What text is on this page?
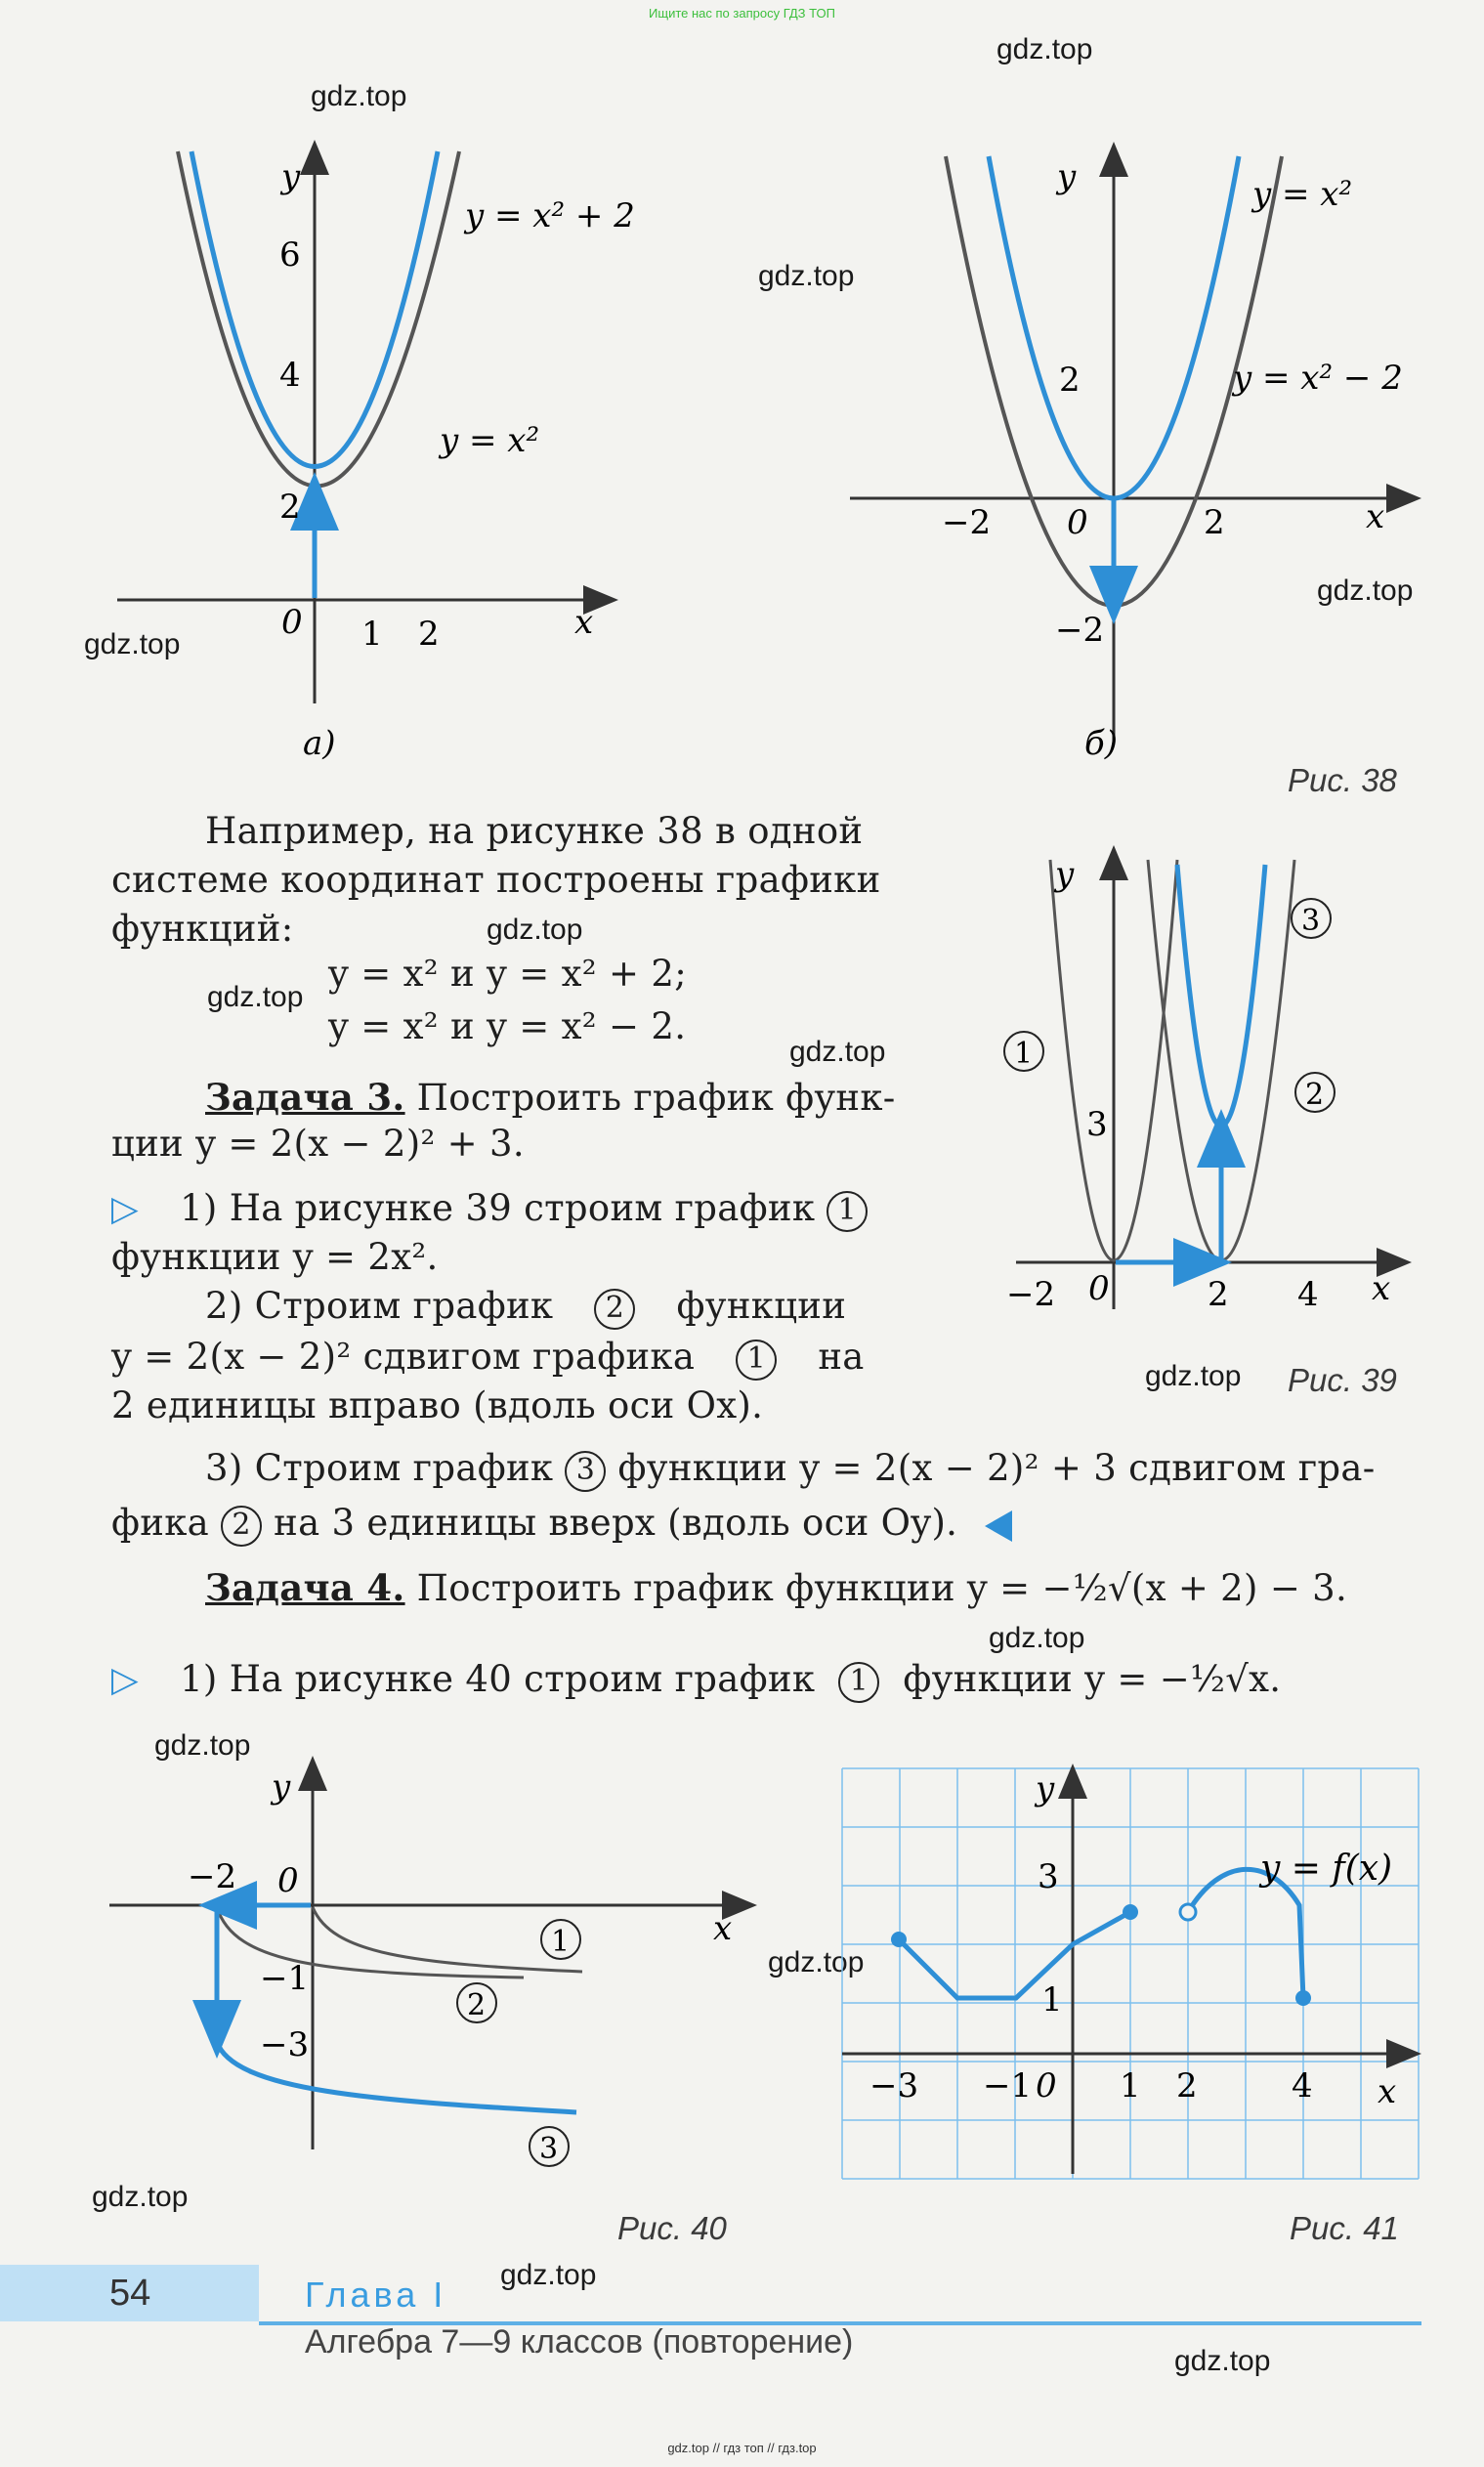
Ищите нас по запросу ГДЗ ТОП
gdz.top
gdz.top
gdz.top
gdz.top
gdz.top
gdz.top
gdz.top
gdz.top
gdz.top
gdz.top
gdz.top
gdz.top
gdz.top
gdz.top
gdz.top
y
x
0 1 2
2
4
6
y = x² + 2
y = x²
а)
y
x
0
−2	2
2
−2
y = x²
y = x² − 2
б)
y
x
0
−2	2 4
3
1
2
3
y
x
0
−2
−1
−3
1
2
3
y
x
0
−3 −1	1 2	4
3
1
y = f(x)
Рис. 38
Рис. 39
Рис. 40	Рис. 41
Например, на рисунке 38 в одной системе координат построены графики функций:
y = x² и y = x² + 2;
y = x² и y = x² − 2.
Задача 3. Построить график функ-
ции y = 2(x − 2)² + 3.
▷ 1) На рисунке 39 строим график 1
функции y = 2x².
2) Строим график 2 функции
y = 2(x − 2)² сдвигом графика 1 на
2 единицы вправо (вдоль оси Ox).
3) Строим график 3 функции y = 2(x − 2)² + 3 сдвигом гра-
фика 2 на 3 единицы вверх (вдоль оси Oy).
Задача 4. Построить график функции y = −½√(x + 2) − 3.
▷ 1) На рисунке 40 строим график 1 функции y = −½√x.
54	Глава I
Алгебра 7—9 классов (повторение)
gdz.top // гдз топ // гдз.top
